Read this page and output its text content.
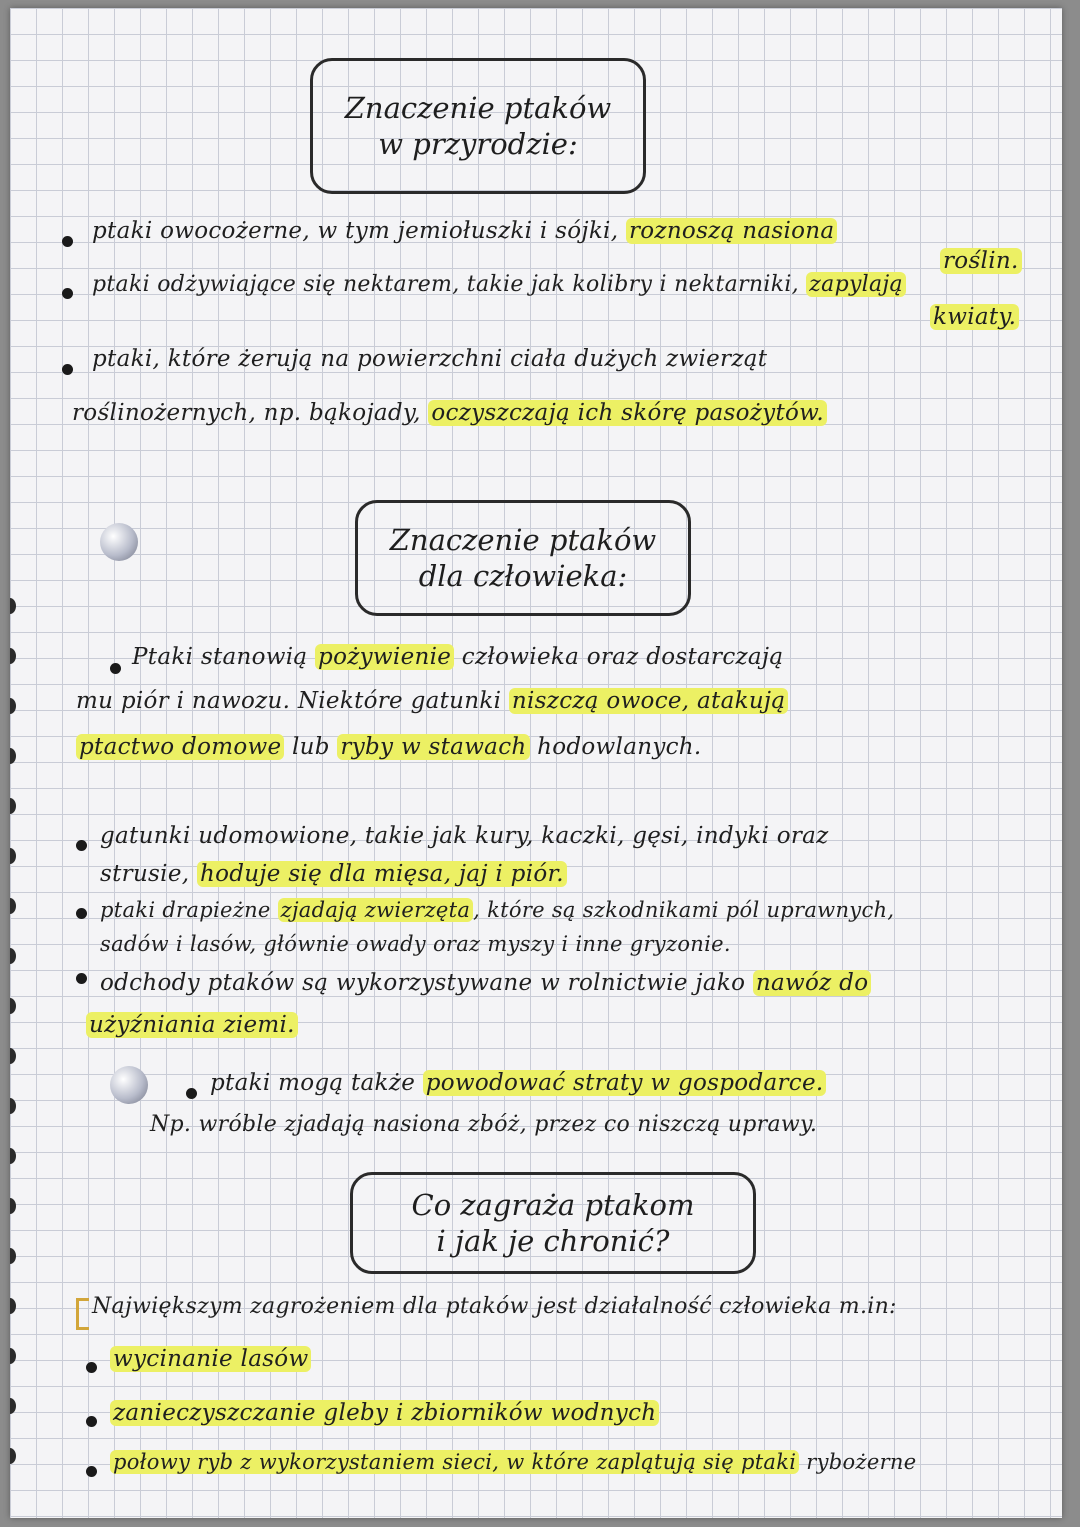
Znaczenie ptaków
w przyrodzie:
ptaki owocożerne, w tym jemiołuszki i sójki, roznoszą nasiona
roślin.
ptaki odżywiające się nektarem, takie jak kolibry i nektarniki, zapylają
kwiaty.
ptaki, które żerują na powierzchni ciała dużych zwierząt
roślinożernych, np. bąkojady, oczyszczają ich skórę pasożytów.
Znaczenie ptaków
dla człowieka:
Ptaki stanowią pożywienie człowieka oraz dostarczają
mu piór i nawozu. Niektóre gatunki niszczą owoce, atakują
ptactwo domowe lub ryby w stawach hodowlanych.
gatunki udomowione, takie jak kury, kaczki, gęsi, indyki oraz
strusie, hoduje się dla mięsa, jaj i piór.
ptaki drapieżne zjadają zwierzęta , które są szkodnikami pól uprawnych,
sadów i lasów, głównie owady oraz myszy i inne gryzonie.
odchody ptaków są wykorzystywane w rolnictwie jako nawóz do
użyźniania ziemi.
ptaki mogą także powodować straty w gospodarce.
Np. wróble zjadają nasiona zbóż, przez co niszczą uprawy.
Co zagraża ptakom
i jak je chronić?
Największym zagrożeniem dla ptaków jest działalność człowieka m.in:
wycinanie lasów
zanieczyszczanie gleby i zbiorników wodnych
połowy ryb z wykorzystaniem sieci, w które zaplątują się ptaki rybożerne
